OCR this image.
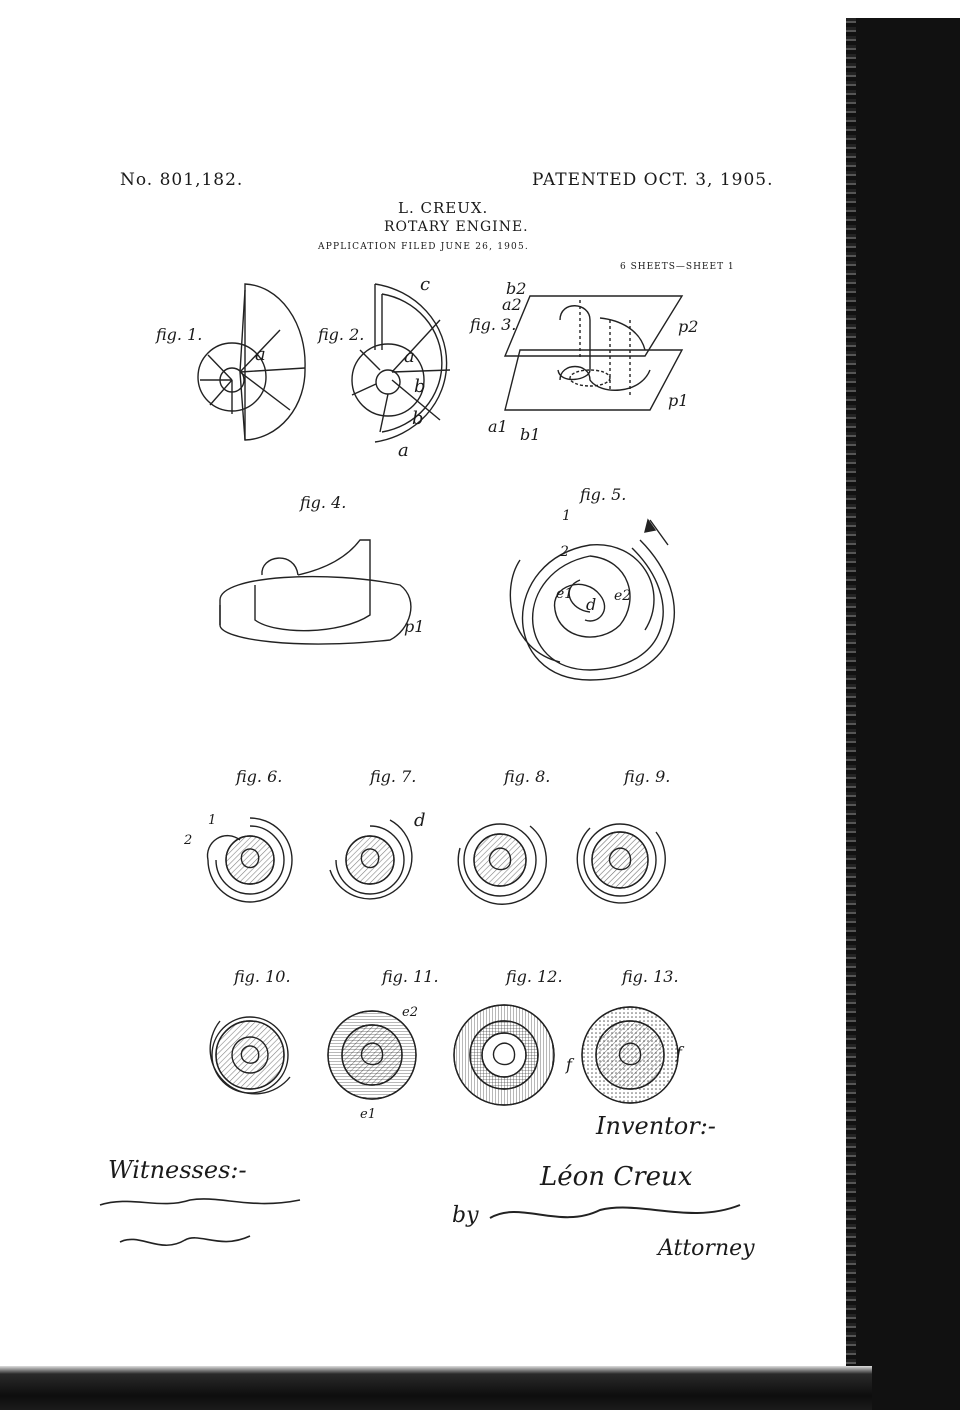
No. 801,182.	PATENTED OCT. 3, 1905.
L. CREUX.
ROTARY ENGINE.
APPLICATION FILED JUNE 26, 1905.
6 SHEETS—SHEET 1
fig. 1.	fig. 2.
fig. 3.
fig. 4.	fig. 5.
fig. 6.	fig. 7.	fig. 8.	fig. 9.
fig. 10.	fig. 11.	fig. 12.	fig. 13.
a
c
a
b
b
a
b2
a2
p2
p1
a1 b1
p1
1
2
e1
d e2
1
2
d
e2
e1
f
f
Witnesses:-
Inventor:-
Léon Creux
by
Attorney
